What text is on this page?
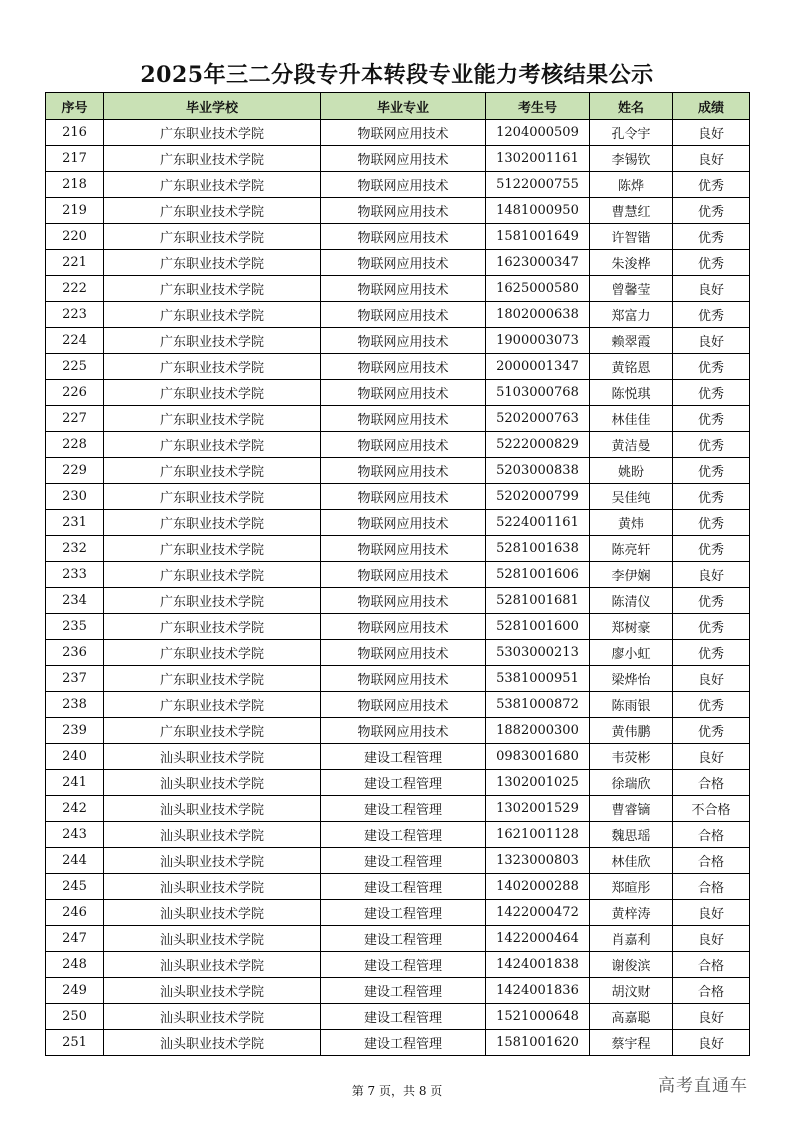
2025年三二分段专升本转段专业能力考核结果公示
序号	毕业学校	毕业专业	考生号	姓名	成绩
216	广东职业技术学院	物联网应用技术	1204000509	孔令宇	良好
217	广东职业技术学院	物联网应用技术	1302001161	李锡钦	良好
218	广东职业技术学院	物联网应用技术	5122000755	陈烨	优秀
219	广东职业技术学院	物联网应用技术	1481000950	曹慧红	优秀
220	广东职业技术学院	物联网应用技术	1581001649	许智锴	优秀
221	广东职业技术学院	物联网应用技术	1623000347	朱浚桦	优秀
222	广东职业技术学院	物联网应用技术	1625000580	曾馨莹	良好
223	广东职业技术学院	物联网应用技术	1802000638	郑富力	优秀
224	广东职业技术学院	物联网应用技术	1900003073	赖翠霞	良好
225	广东职业技术学院	物联网应用技术	2000001347	黄铭恩	优秀
226	广东职业技术学院	物联网应用技术	5103000768	陈悦琪	优秀
227	广东职业技术学院	物联网应用技术	5202000763	林佳佳	优秀
228	广东职业技术学院	物联网应用技术	5222000829	黄洁曼	优秀
229	广东职业技术学院	物联网应用技术	5203000838	姚盼	优秀
230	广东职业技术学院	物联网应用技术	5202000799	吴佳纯	优秀
231	广东职业技术学院	物联网应用技术	5224001161	黄炜	优秀
232	广东职业技术学院	物联网应用技术	5281001638	陈亮轩	优秀
233	广东职业技术学院	物联网应用技术	5281001606	李伊娴	良好
234	广东职业技术学院	物联网应用技术	5281001681	陈清仪	优秀
235	广东职业技术学院	物联网应用技术	5281001600	郑树豪	优秀
236	广东职业技术学院	物联网应用技术	5303000213	廖小虹	优秀
237	广东职业技术学院	物联网应用技术	5381000951	梁烨怡	良好
238	广东职业技术学院	物联网应用技术	5381000872	陈雨银	优秀
239	广东职业技术学院	物联网应用技术	1882000300	黄伟鹏	优秀
240	汕头职业技术学院	建设工程管理	0983001680	韦荧彬	良好
241	汕头职业技术学院	建设工程管理	1302001025	徐瑞欣	合格
242	汕头职业技术学院	建设工程管理	1302001529	曹睿镝	不合格
243	汕头职业技术学院	建设工程管理	1621001128	魏思瑶	合格
244	汕头职业技术学院	建设工程管理	1323000803	林佳欣	合格
245	汕头职业技术学院	建设工程管理	1402000288	郑暄彤	合格
246	汕头职业技术学院	建设工程管理	1422000472	黄梓涛	良好
247	汕头职业技术学院	建设工程管理	1422000464	肖嘉利	良好
248	汕头职业技术学院	建设工程管理	1424001838	谢俊滨	合格
249	汕头职业技术学院	建设工程管理	1424001836	胡汶财	合格
250	汕头职业技术学院	建设工程管理	1521000648	高嘉聪	良好
251	汕头职业技术学院	建设工程管理	1581001620	蔡宇程	良好
第 7 页，共 8 页	高考直通车
